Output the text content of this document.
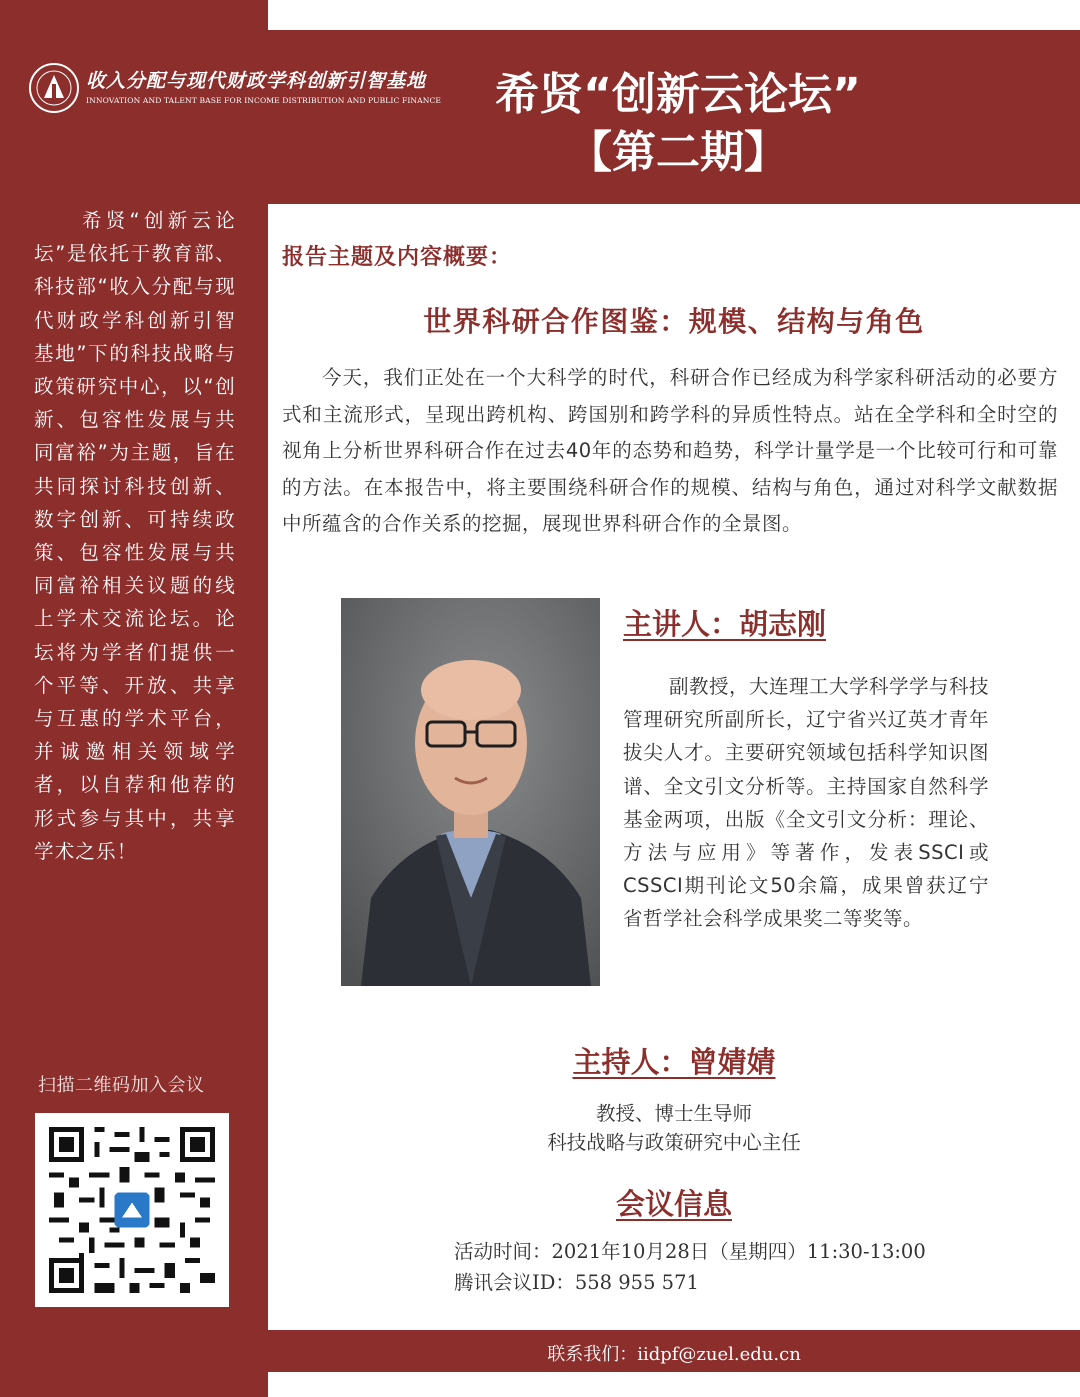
收入分配与现代财政学科创新引智基地
INNOVATION AND TALENT BASE FOR INCOME DISTRIBUTION AND PUBLIC FINANCE	希贤“创新云论坛”
【第二期】
希贤“创新云论坛”是依托于教育部、科技部“收入分配与现代财政学科创新引智基地”下的科技战略与政策研究中心，以“创新、包容性发展与共同富裕”为主题，旨在共同探讨科技创新、数字创新、可持续政策、包容性发展与共同富裕相关议题的线上学术交流论坛。论坛将为学者们提供一个平等、开放、共享与互惠的学术平台，并诚邀相关领域学者，以自荐和他荐的形式参与其中，共享学术之乐！
扫描二维码加入会议
报告主题及内容概要：
世界科研合作图鉴：规模、结构与角色
今天，我们正处在一个大科学的时代，科研合作已经成为科学家科研活动的必要方式和主流形式，呈现出跨机构、跨国别和跨学科的异质性特点。站在全学科和全时空的视角上分析世界科研合作在过去40年的态势和趋势，科学计量学是一个比较可行和可靠的方法。在本报告中，将主要围绕科研合作的规模、结构与角色，通过对科学文献数据中所蕴含的合作关系的挖掘，展现世界科研合作的全景图。
主讲人：胡志刚
副教授，大连理工大学科学学与科技管理研究所副所长，辽宁省兴辽英才青年拔尖人才。主要研究领域包括科学知识图谱、全文引文分析等。主持国家自然科学基金两项，出版《全文引文分析：理论、方法与应用》等著作，发表SSCI或CSSCI期刊论文50余篇，成果曾获辽宁省哲学社会科学成果奖二等奖等。
主持人：曾婧婧
教授、博士生导师
科技战略与政策研究中心主任
会议信息
活动时间：2021年10月28日（星期四）11:30-13:00
腾讯会议ID：558 955 571
联系我们：iidpf@zuel.edu.cn
